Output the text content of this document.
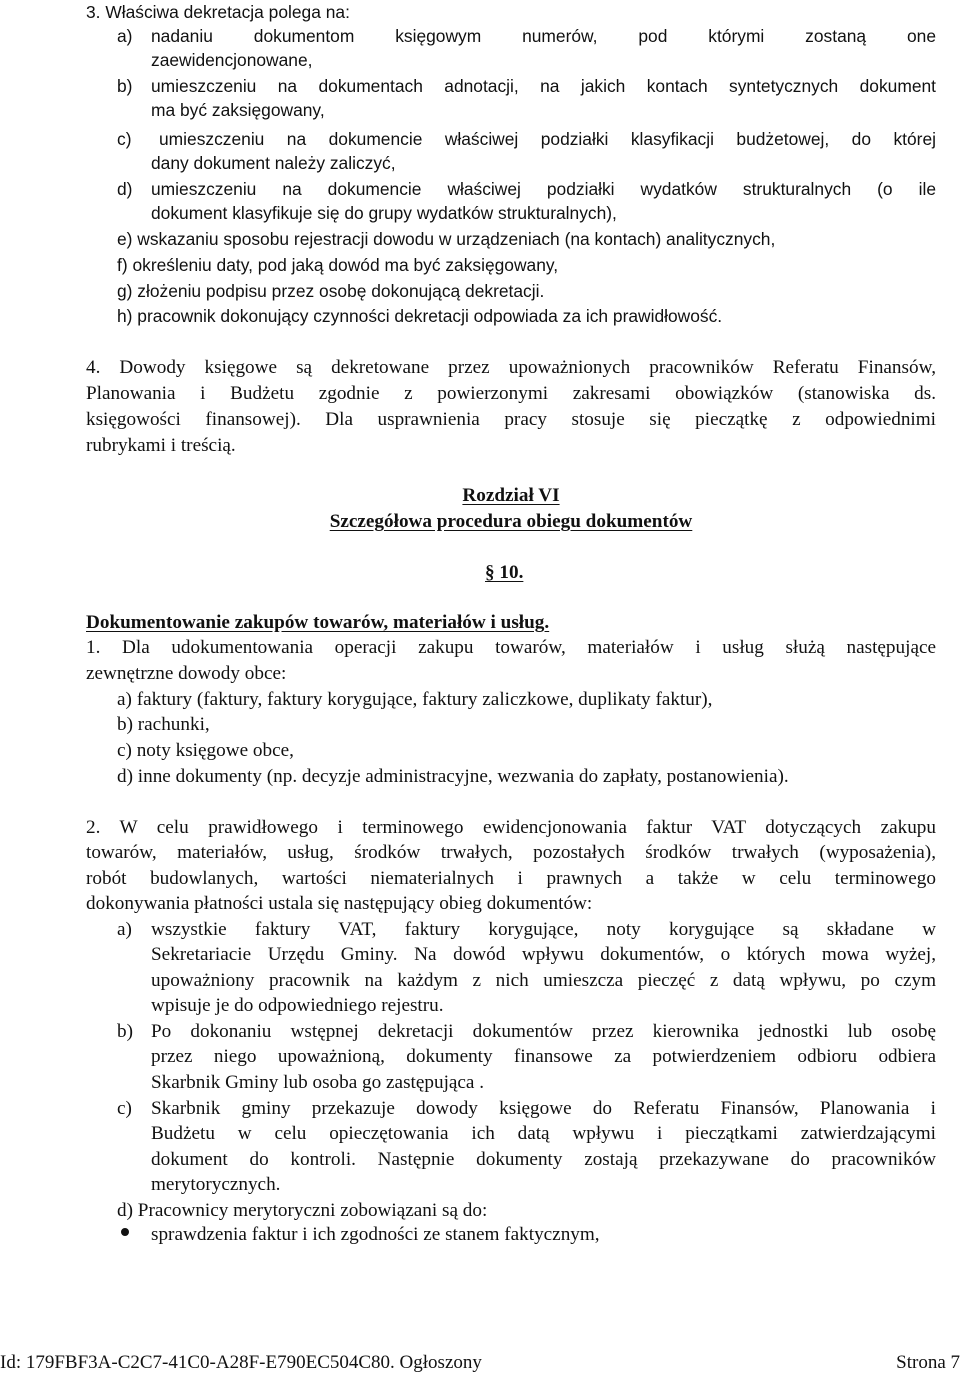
3. Właściwa dekretacja polega na:
a) nadaniu dokumentom księgowym numerów, pod którymi zostaną one
zaewidencjonowane,
b) umieszczeniu na dokumentach adnotacji, na jakich kontach syntetycznych dokument
ma być zaksięgowany,
c) umieszczeniu na dokumencie właściwej podziałki klasyfikacji budżetowej, do której
dany dokument należy zaliczyć,
d) umieszczeniu na dokumencie właściwej podziałki wydatków strukturalnych (o ile
dokument klasyfikuje się do grupy wydatków strukturalnych),
e) wskazaniu sposobu rejestracji dowodu w urządzeniach (na kontach) analitycznych,
f) określeniu daty, pod jaką dowód ma być zaksięgowany,
g) złożeniu podpisu przez osobę dokonującą dekretacji.
h) pracownik dokonujący czynności dekretacji odpowiada za ich prawidłowość.
4. Dowody księgowe są dekretowane przez upoważnionych pracowników Referatu Finansów,
Planowania i Budżetu zgodnie z powierzonymi zakresami obowiązków (stanowiska ds.
księgowości finansowej). Dla usprawnienia pracy stosuje się pieczątkę z odpowiednimi
rubrykami i treścią.
Rozdział VI
Szczegółowa procedura obiegu dokumentów
§ 10.
Dokumentowanie zakupów towarów, materiałów i usług.
1. Dla udokumentowania operacji zakupu towarów, materiałów i usług służą następujące
zewnętrzne dowody obce:
a) faktury (faktury, faktury korygujące, faktury zaliczkowe, duplikaty faktur),
b) rachunki,
c) noty księgowe obce,
d) inne dokumenty (np. decyzje administracyjne, wezwania do zapłaty, postanowienia).
2. W celu prawidłowego i terminowego ewidencjonowania faktur VAT dotyczących zakupu
towarów, materiałów, usług, środków trwałych, pozostałych środków trwałych (wyposażenia),
robót budowlanych, wartości niematerialnych i prawnych a także w celu terminowego
dokonywania płatności ustala się następujący obieg dokumentów:
a) wszystkie faktury VAT, faktury korygujące, noty korygujące są składane w
Sekretariacie Urzędu Gminy. Na dowód wpływu dokumentów, o których mowa wyżej,
upoważniony pracownik na każdym z nich umieszcza pieczęć z datą wpływu, po czym
wpisuje je do odpowiedniego rejestru.
b) Po dokonaniu wstępnej dekretacji dokumentów przez kierownika jednostki lub osobę
przez niego upoważnioną, dokumenty finansowe za potwierdzeniem odbioru odbiera
Skarbnik Gminy lub osoba go zastępująca .
c) Skarbnik gminy przekazuje dowody księgowe do Referatu Finansów, Planowania i
Budżetu w celu opieczętowania ich datą wpływu i pieczątkami zatwierdzającymi
dokument do kontroli. Następnie dokumenty zostają przekazywane do pracowników
merytorycznych.
d) Pracownicy merytoryczni zobowiązani są do:
sprawdzenia faktur i ich zgodności ze stanem faktycznym,
Id: 179FBF3A-C2C7-41C0-A28F-E790EC504C80. Ogłoszony	Strona 7
